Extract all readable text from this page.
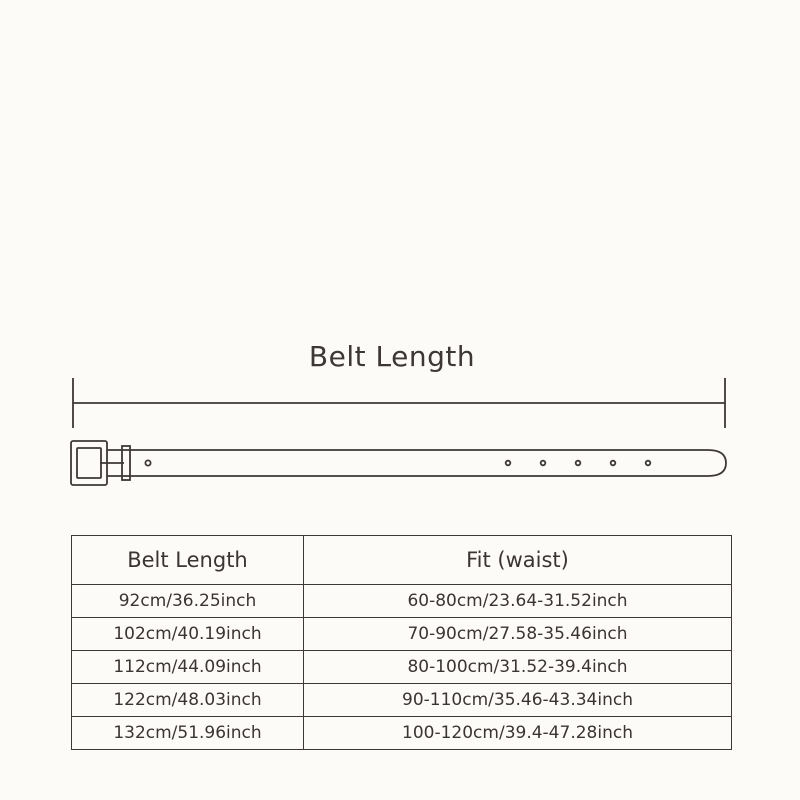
Belt Length
Belt Length	Fit (waist)
92cm/36.25inch	60-80cm/23.64-31.52inch
102cm/40.19inch	70-90cm/27.58-35.46inch
112cm/44.09inch	80-100cm/31.52-39.4inch
122cm/48.03inch	90-110cm/35.46-43.34inch
132cm/51.96inch	100-120cm/39.4-47.28inch
